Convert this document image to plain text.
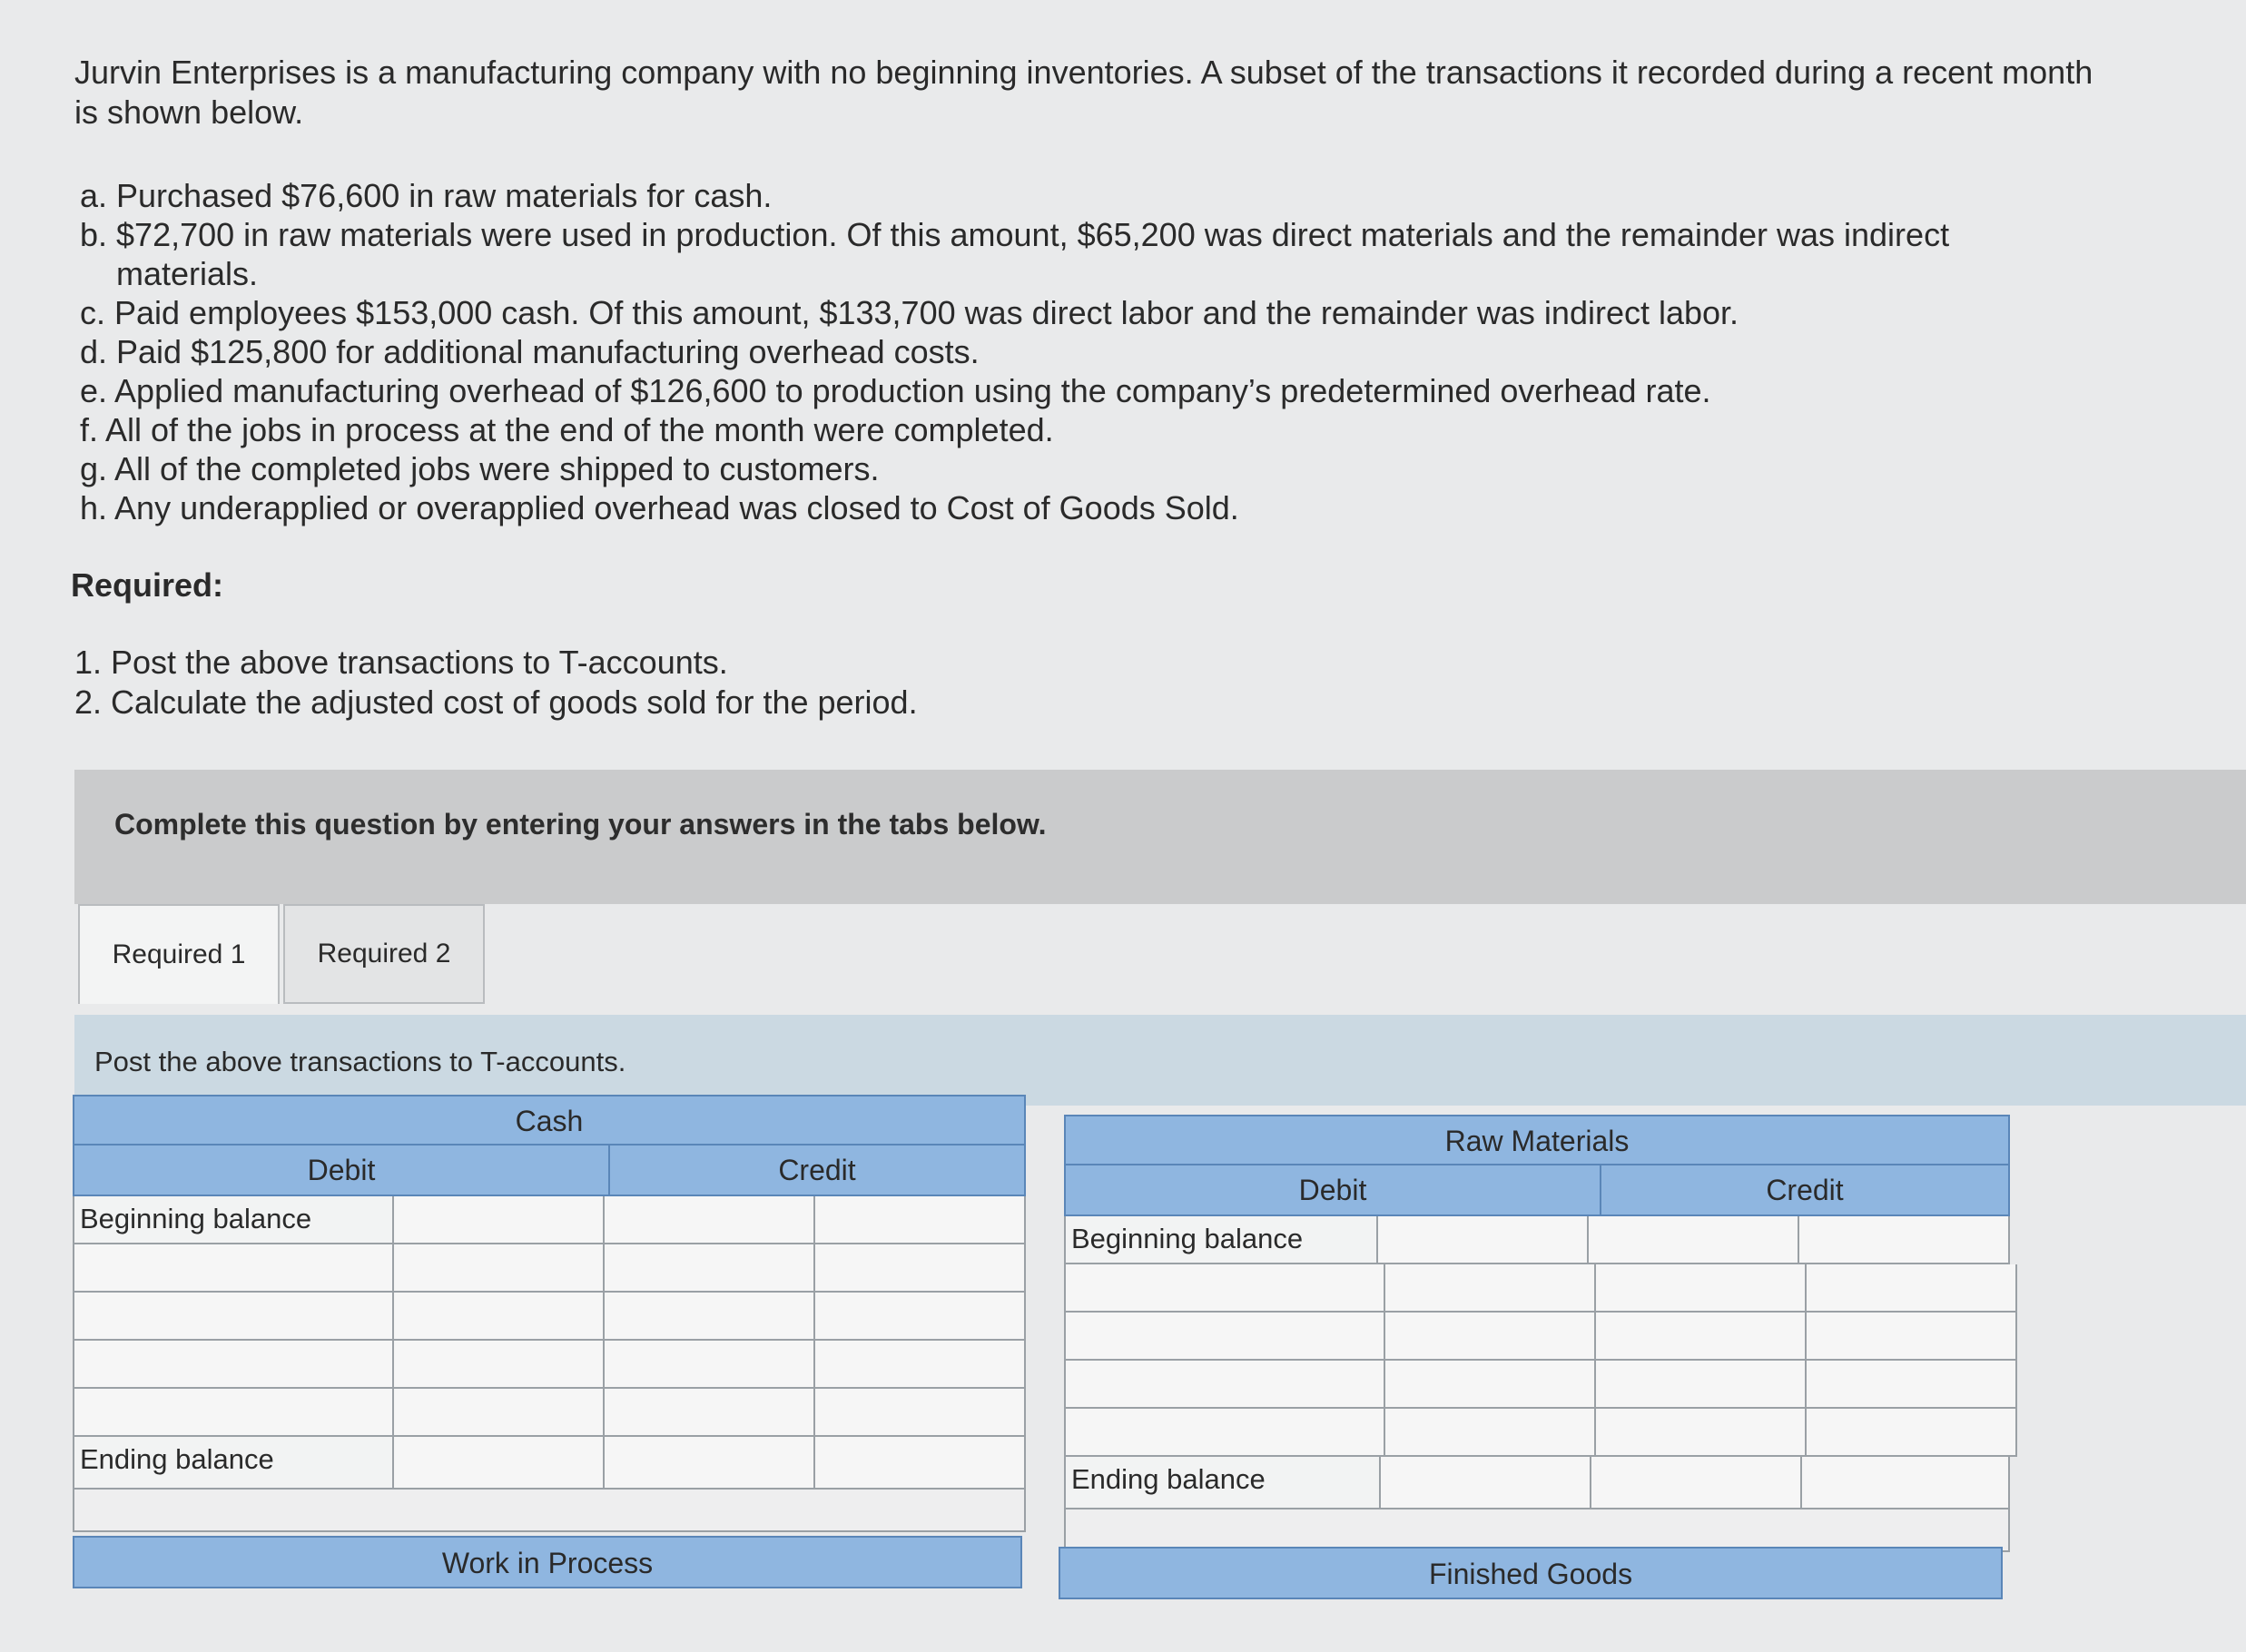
Jurvin Enterprises is a manufacturing company with no beginning inventories. A subset of the transactions it recorded during a recent month is shown below.
a. Purchased $76,600 in raw materials for cash.
b. $72,700 in raw materials were used in production. Of this amount, $65,200 was direct materials and the remainder was indirect materials.
c. Paid employees $153,000 cash. Of this amount, $133,700 was direct labor and the remainder was indirect labor.
d. Paid $125,800 for additional manufacturing overhead costs.
e. Applied manufacturing overhead of $126,600 to production using the company’s predetermined overhead rate.
f. All of the jobs in process at the end of the month were completed.
g. All of the completed jobs were shipped to customers.
h. Any underapplied or overapplied overhead was closed to Cost of Goods Sold.
Required:
1. Post the above transactions to T-accounts.
2. Calculate the adjusted cost of goods sold for the period.
Complete this question by entering your answers in the tabs below.
Required 1	Required 2
Post the above transactions to T-accounts.
Cash
Debit	Credit
Beginning balance
Ending balance
Raw Materials
Debit	Credit
Beginning balance
Ending balance
Work in Process	Finished Goods
